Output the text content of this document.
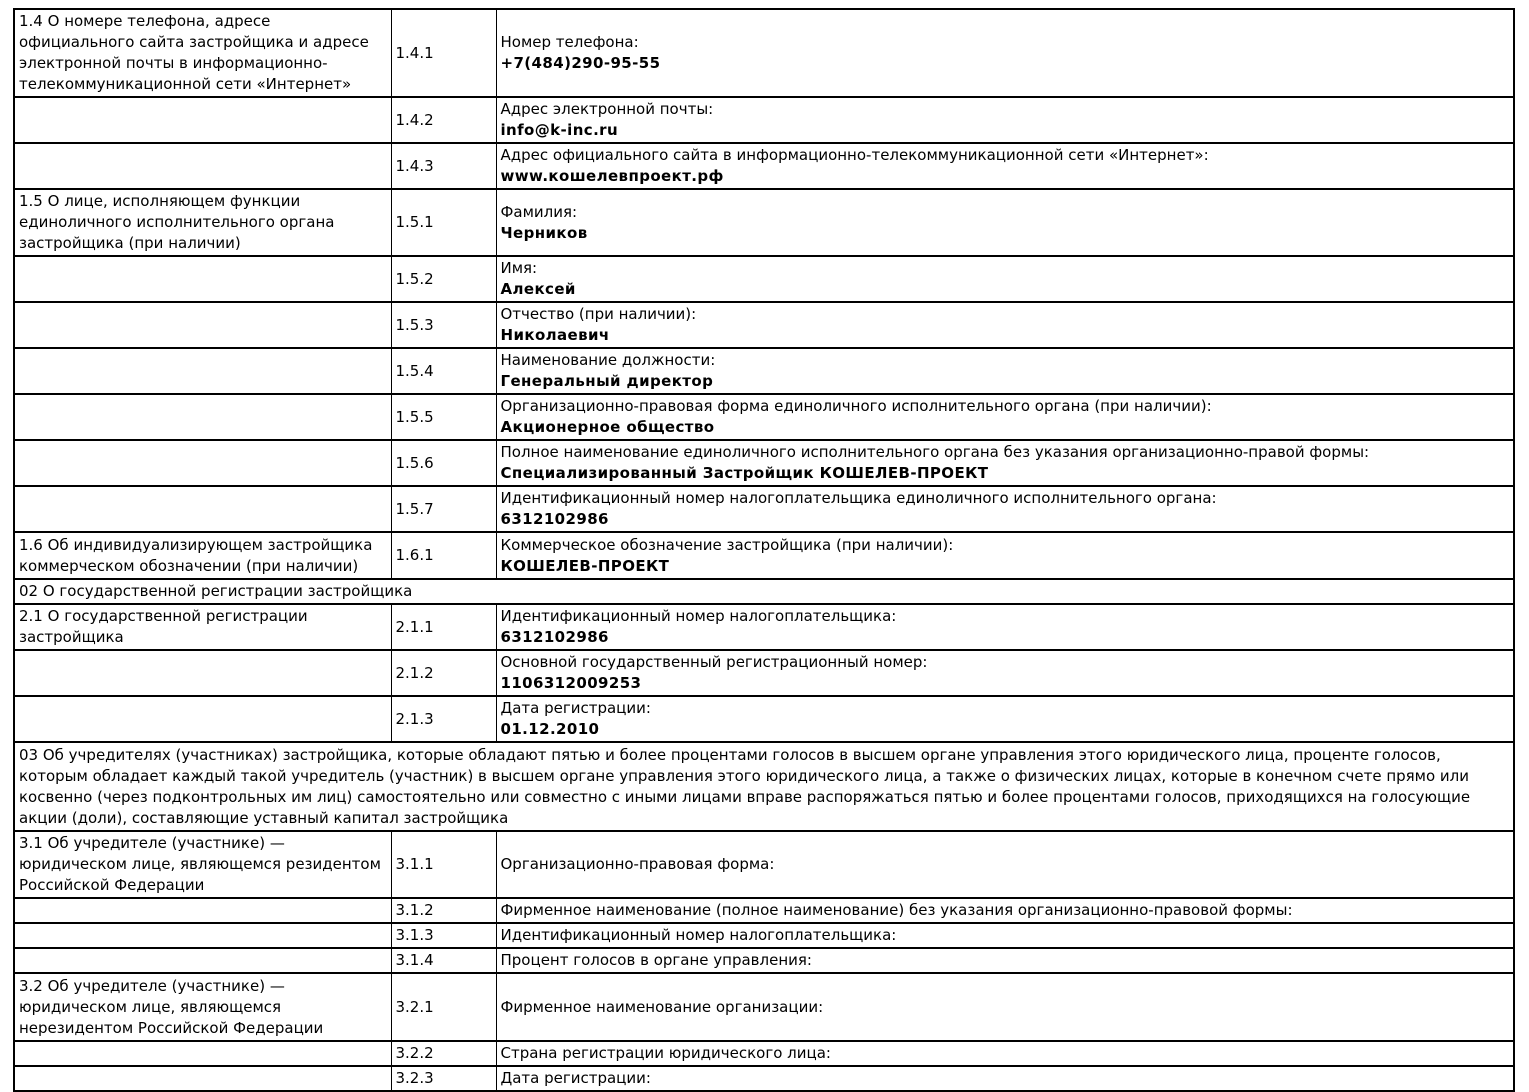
1.4 О номере телефона, адресе официального сайта застройщика и адресе электронной почты в информационно-телекоммуникационной сети «Интернет»	1.4.1	Номер телефона:
+7(484)290-95-55

	1.4.2	Адрес электронной почты:
info@k-inc.ru

	1.4.3	Адрес официального сайта в информационно-телекоммуникационной сети «Интернет»:
www.кошелевпроект.рф

1.5 О лице, исполняющем функции единоличного исполнительного органа застройщика (при наличии)	1.5.1	Фамилия:
Черников

	1.5.2	Имя:
Алексей

	1.5.3	Отчество (при наличии):
Николаевич

	1.5.4	Наименование должности:
Генеральный директор

	1.5.5	Организационно-правовая форма единоличного исполнительного органа (при наличии):
Акционерное общество

	1.5.6	Полное наименование единоличного исполнительного органа без указания организационно-правой формы:
Специализированный Застройщик КОШЕЛЕВ-ПРОЕКТ

	1.5.7	Идентификационный номер налогоплательщика единоличного исполнительного органа:
6312102986

1.6 Об индивидуализирующем застройщика коммерческом обозначении (при наличии)	1.6.1	Коммерческое обозначение застройщика (при наличии):
КОШЕЛЕВ-ПРОЕКТ

02 О государственной регистрации застройщика		
2.1 О государственной регистрации застройщика	2.1.1	Идентификационный номер налогоплательщика:
6312102986

	2.1.2	Основной государственный регистрационный номер:
1106312009253

	2.1.3	Дата регистрации:
01.12.2010

03 Об учредителях (участниках) застройщика, которые обладают пятью и более процентами голосов в высшем органе управления этого юридического лица, проценте голосов, которым обладает каждый такой учредитель (участник) в высшем органе управления этого юридического лица, а также о физических лицах, которые в конечном счете прямо или косвенно (через подконтрольных им лиц) самостоятельно или совместно с иными лицами вправе распоряжаться пятью и более процентами голосов, приходящихся на голосующие акции (доли), составляющие уставный капитал застройщика		
3.1 Об учредителе (участнике) — юридическом лице, являющемся резидентом Российской Федерации	3.1.1	Организационно-правовая форма:

	3.1.2	Фирменное наименование (полное наименование) без указания организационно-правовой формы:

	3.1.3	Идентификационный номер налогоплательщика:

	3.1.4	Процент голосов в органе управления:

3.2 Об учредителе (участнике) — юридическом лице, являющемся нерезидентом Российской Федерации	3.2.1	Фирменное наименование организации:

	3.2.2	Страна регистрации юридического лица:

	3.2.3	Дата регистрации:
